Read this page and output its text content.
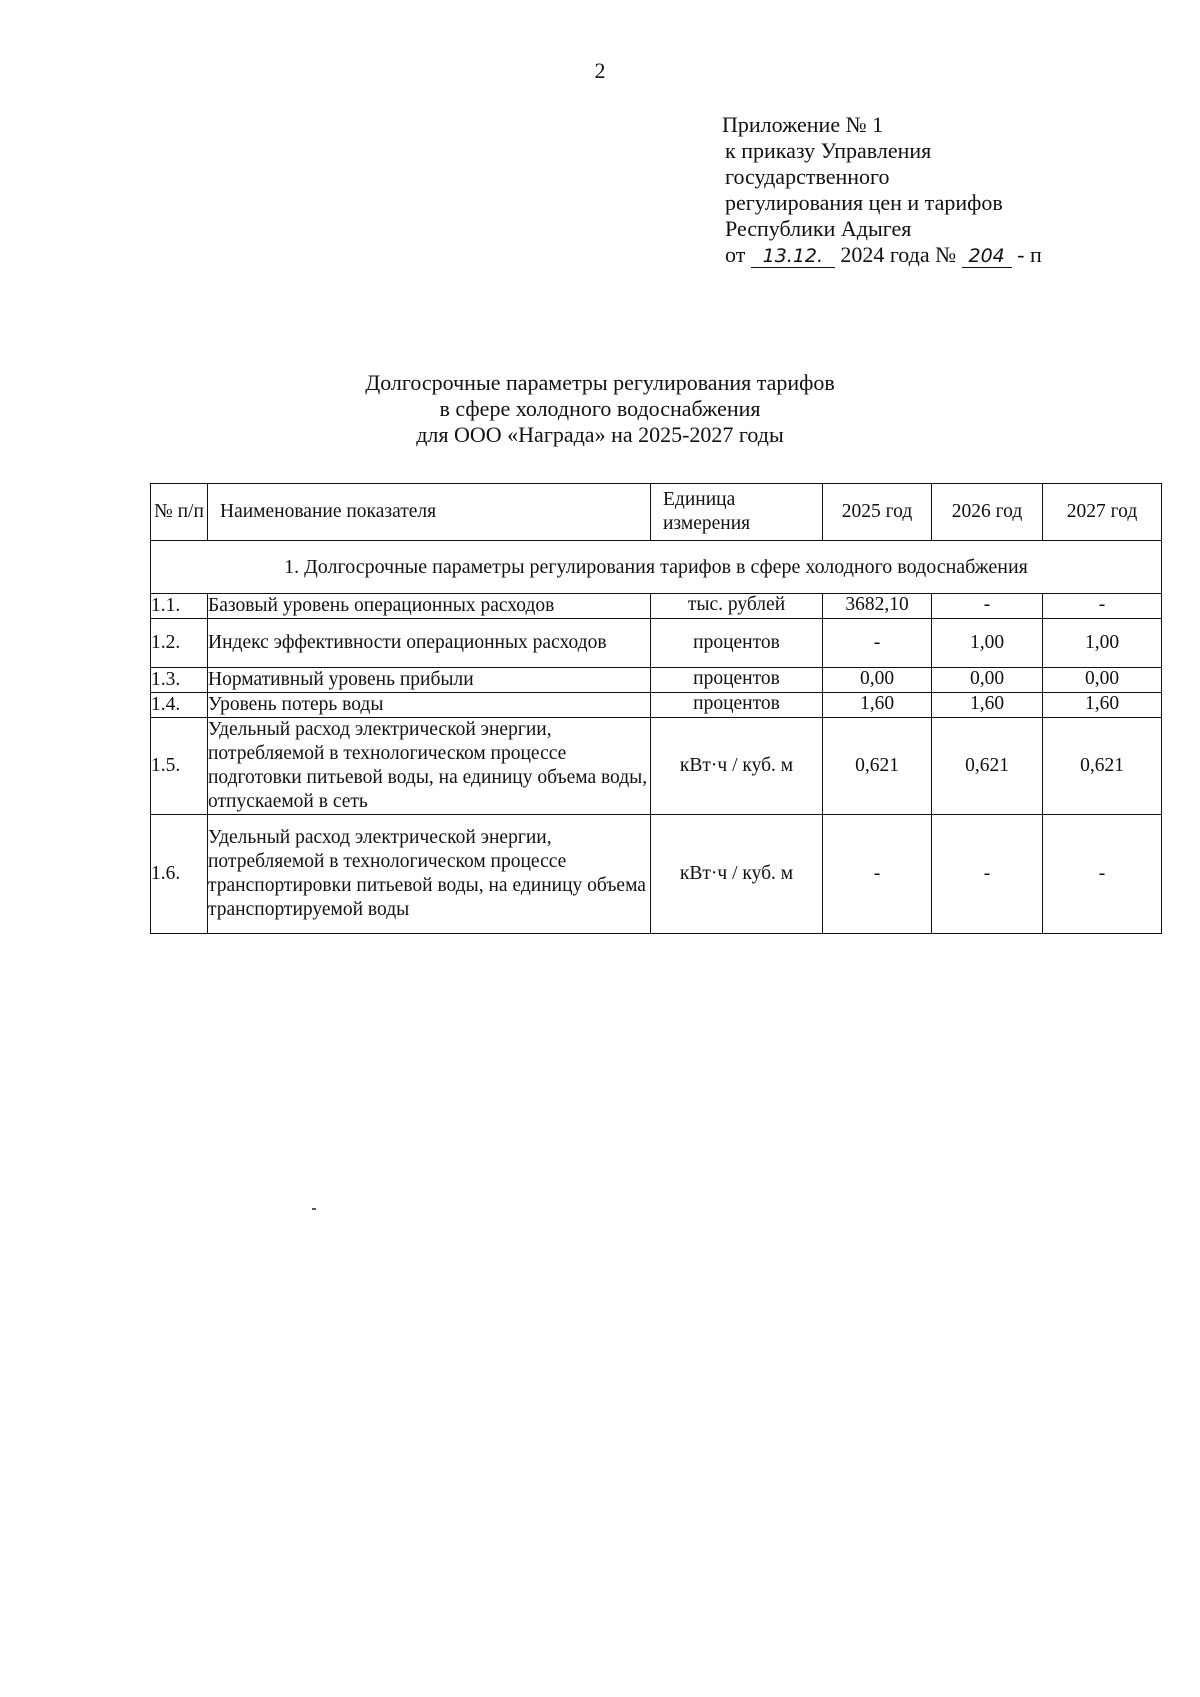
2
Приложение № 1
к приказу Управления
государственного
регулирования цен и тарифов
Республики Адыгея
от 13.12. 2024 года № 204 - п
Долгосрочные параметры регулирования тарифов
в сфере холодного водоснабжения
для ООО «Награда» на 2025-2027 годы
№ п/п	Наименование показателя	Единица измерения	2025 год	2026 год	2027 год
1. Долгосрочные параметры регулирования тарифов в сфере холодного водоснабжения					
1.1.	Базовый уровень операционных расходов	тыс. рублей	3682,10	-	-
1.2.	Индекс эффективности операционных расходов	процентов	-	1,00	1,00
1.3.	Нормативный уровень прибыли	процентов	0,00	0,00	0,00
1.4.	Уровень потерь воды	процентов	1,60	1,60	1,60
1.5.	Удельный расход электрической энергии, потребляемой в технологическом процессе подготовки питьевой воды, на единицу объема воды, отпускаемой в сеть	кВт·ч / куб. м	0,621	0,621	0,621
1.6.	Удельный расход электрической энергии, потребляемой в технологическом процессе транспортировки питьевой воды, на единицу объема транспортируемой воды	кВт·ч / куб. м	-	-	-
